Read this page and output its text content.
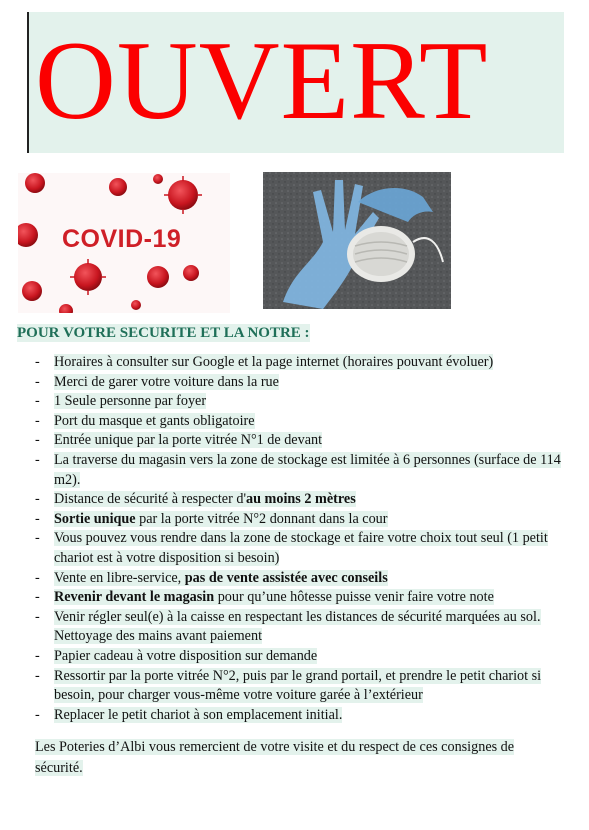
OUVERT
COVID-19
POUR VOTRE SECURITE ET LA NOTRE :
- Horaires à consulter sur Google et la page internet (horaires pouvant évoluer)
- Merci de garer votre voiture dans la rue
- 1 Seule personne par foyer
- Port du masque et gants obligatoire
- Entrée unique par la porte vitrée N°1 de devant
- La traverse du magasin vers la zone de stockage est limitée à 6 personnes (surface de 114 m2).
- Distance de sécurité à respecter d'au moins 2 mètres
- Sortie unique par la porte vitrée N°2 donnant dans la cour
- Vous pouvez vous rendre dans la zone de stockage et faire votre choix tout seul (1 petit chariot est à votre disposition si besoin)
- Vente en libre-service, pas de vente assistée avec conseils
- Revenir devant le magasin pour qu’une hôtesse puisse venir faire votre note
- Venir régler seul(e) à la caisse en respectant les distances de sécurité marquées au sol. Nettoyage des mains avant paiement
- Papier cadeau à votre disposition sur demande
- Ressortir par la porte vitrée N°2, puis par le grand portail, et prendre le petit chariot si besoin, pour charger vous-même votre voiture garée à l’extérieur
- Replacer le petit chariot à son emplacement initial.
Les Poteries d’Albi vous remercient de votre visite et du respect de ces consignes de sécurité.
